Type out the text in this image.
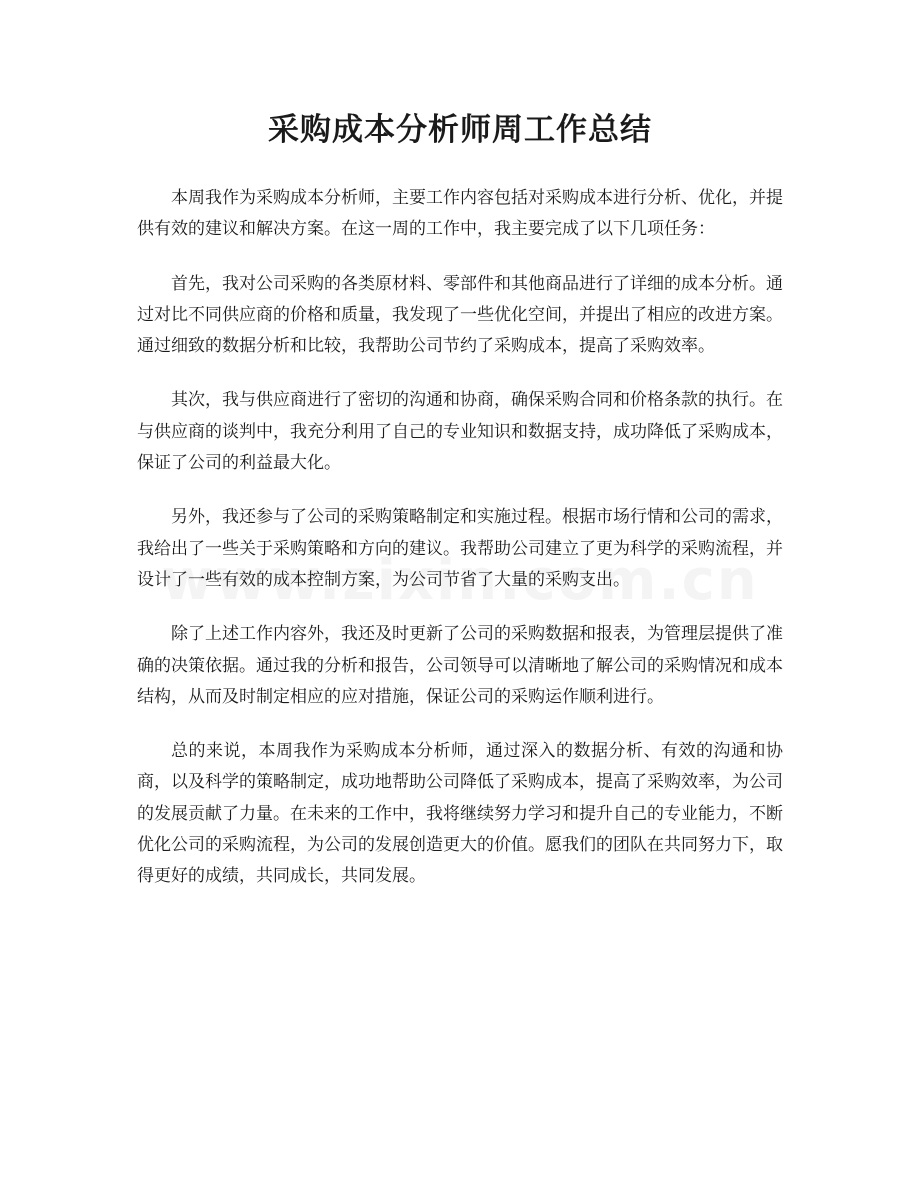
采购成本分析师周工作总结

本周我作为采购成本分析师，主要工作内容包括对采购成本进行分析、优化，并提供有效的建议和解决方案。在这一周的工作中，我主要完成了以下几项任务：

首先，我对公司采购的各类原材料、零部件和其他商品进行了详细的成本分析。通过对比不同供应商的价格和质量，我发现了一些优化空间，并提出了相应的改进方案。通过细致的数据分析和比较，我帮助公司节约了采购成本，提高了采购效率。

其次，我与供应商进行了密切的沟通和协商，确保采购合同和价格条款的执行。在与供应商的谈判中，我充分利用了自己的专业知识和数据支持，成功降低了采购成本，保证了公司的利益最大化。

另外，我还参与了公司的采购策略制定和实施过程。根据市场行情和公司的需求，我给出了一些关于采购策略和方向的建议。我帮助公司建立了更为科学的采购流程，并设计了一些有效的成本控制方案，为公司节省了大量的采购支出。

除了上述工作内容外，我还及时更新了公司的采购数据和报表，为管理层提供了准确的决策依据。通过我的分析和报告，公司领导可以清晰地了解公司的采购情况和成本结构，从而及时制定相应的应对措施，保证公司的采购运作顺利进行。

总的来说，本周我作为采购成本分析师，通过深入的数据分析、有效的沟通和协商，以及科学的策略制定，成功地帮助公司降低了采购成本，提高了采购效率，为公司的发展贡献了力量。在未来的工作中，我将继续努力学习和提升自己的专业能力，不断优化公司的采购流程，为公司的发展创造更大的价值。愿我们的团队在共同努力下，取得更好的成绩，共同成长，共同发展。
